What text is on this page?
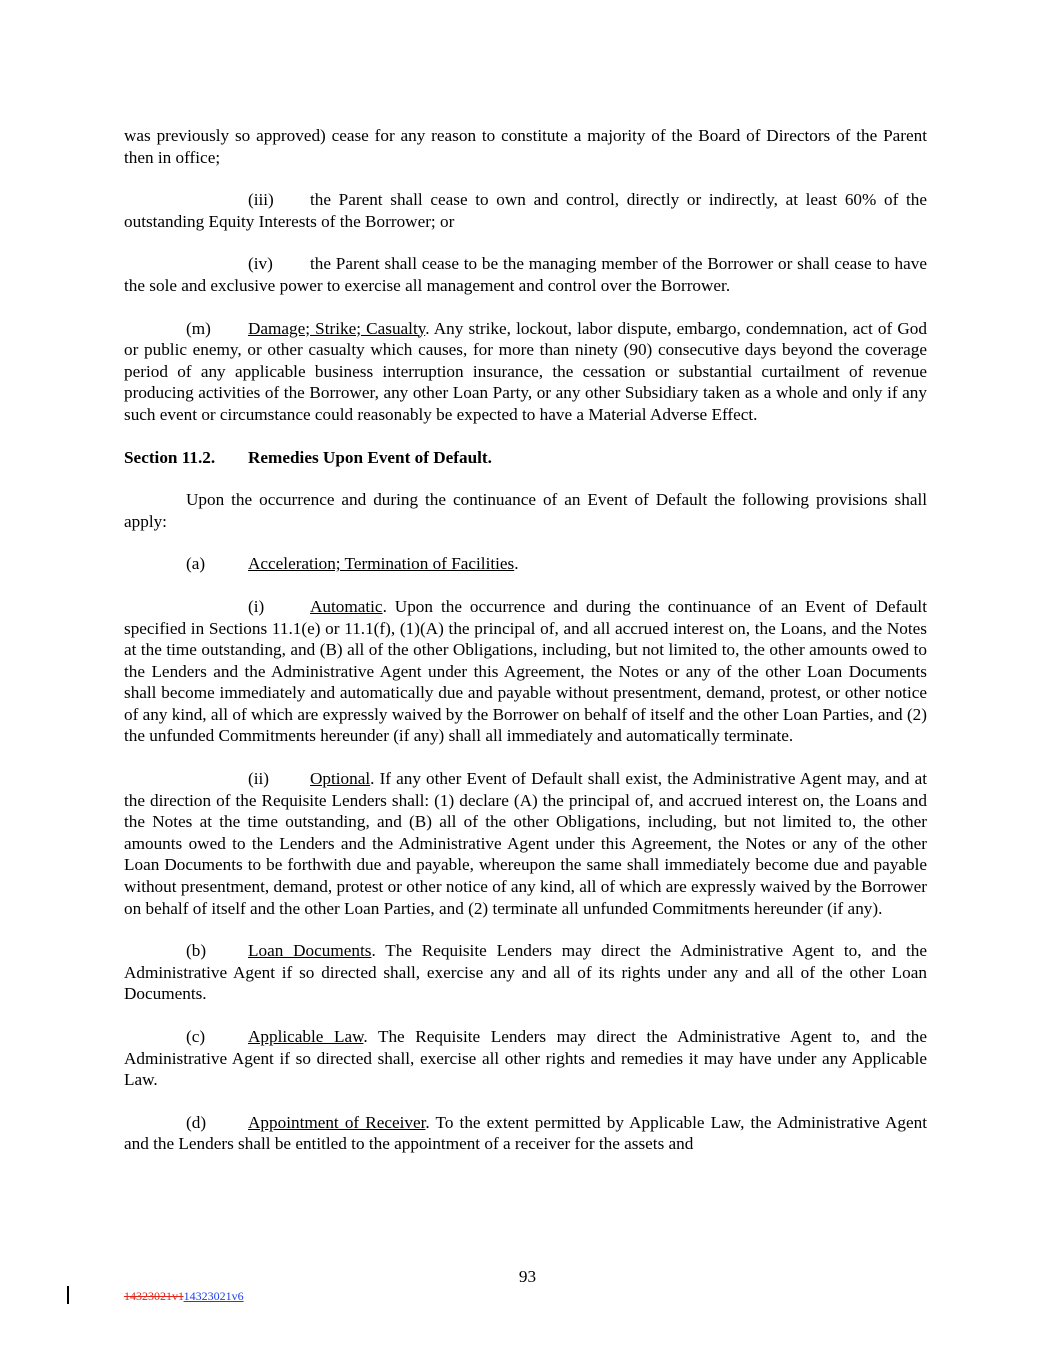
was previously so approved) cease for any reason to constitute a majority of the Board of Directors of the Parent then in office;

(iii) the Parent shall cease to own and control, directly or indirectly, at least 60% of the outstanding Equity Interests of the Borrower; or

(iv) the Parent shall cease to be the managing member of the Borrower or shall cease to have the sole and exclusive power to exercise all management and control over the Borrower.

(m) Damage; Strike; Casualty. Any strike, lockout, labor dispute, embargo, condemnation, act of God or public enemy, or other casualty which causes, for more than ninety (90) consecutive days beyond the coverage period of any applicable business interruption insurance, the cessation or substantial curtailment of revenue producing activities of the Borrower, any other Loan Party, or any other Subsidiary taken as a whole and only if any such event or circumstance could reasonably be expected to have a Material Adverse Effect.

Section 11.2. Remedies Upon Event of Default.

Upon the occurrence and during the continuance of an Event of Default the following provisions shall apply:

(a) Acceleration; Termination of Facilities.

(i)	Automatic. Upon the occurrence and during the continuance of an Event of Default specified in Sections 11.1(e) or 11.1(f), (1)(A) the principal of, and all accrued interest on, the Loans, and the Notes at the time outstanding, and (B) all of the other Obligations, including, but not limited to, the other amounts owed to the Lenders and the Administrative Agent under this Agreement, the Notes or any of the other Loan Documents shall become immediately and automatically due and payable without presentment, demand, protest, or other notice of any kind, all of which are expressly waived by the Borrower on behalf of itself and the other Loan Parties, and (2) the unfunded Commitments hereunder (if any) shall all immediately and automatically terminate.

(ii) Optional. If any other Event of Default shall exist, the Administrative Agent may, and at the direction of the Requisite Lenders shall: (1) declare (A) the principal of, and accrued interest on, the Loans and the Notes at the time outstanding, and (B) all of the other Obligations, including, but not limited to, the other amounts owed to the Lenders and the Administrative Agent under this Agreement, the Notes or any of the other Loan Documents to be forthwith due and payable, whereupon the same shall immediately become due and payable without presentment, demand, protest or other notice of any kind, all of which are expressly waived by the Borrower on behalf of itself and the other Loan Parties, and (2) terminate all unfunded Commitments hereunder (if any).

(b) Loan Documents. The Requisite Lenders may direct the Administrative Agent to, and the Administrative Agent if so directed shall, exercise any and all of its rights under any and all of the other Loan Documents.

(c) Applicable Law. The Requisite Lenders may direct the Administrative Agent to, and the Administrative Agent if so directed shall, exercise all other rights and remedies it may have under any Applicable Law.

(d) Appointment of Receiver. To the extent permitted by Applicable Law, the Administrative Agent and the Lenders shall be entitled to the appointment of a receiver for the assets and

93
14323021v114323021v6
